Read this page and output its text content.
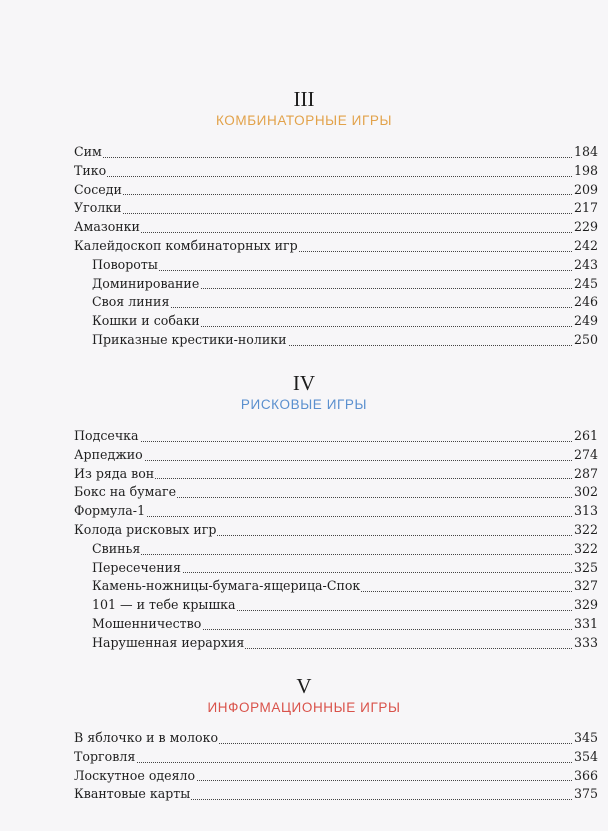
III
КОМБИНАТОРНЫЕ ИГРЫ
Сим	184
Тико	198
Соседи	209
Уголки	217
Амазонки	229
Калейдоскоп комбинаторных игр	242
Повороты	243
Доминирование	245
Своя линия	246
Кошки и собаки	249
Приказные крестики-нолики	250
IV
РИСКОВЫЕ ИГРЫ
Подсечка	261
Арпеджио	274
Из ряда вон	287
Бокс на бумаге	302
Формула-1	313
Колода рисковых игр	322
Свинья	322
Пересечения	325
Камень-ножницы-бумага-ящерица-Спок	327
101 — и тебе крышка	329
Мошенничество	331
Нарушенная иерархия	333
V
ИНФОРМАЦИОННЫЕ ИГРЫ
В яблочко и в молоко	345
Торговля	354
Лоскутное одеяло	366
Квантовые карты	375
